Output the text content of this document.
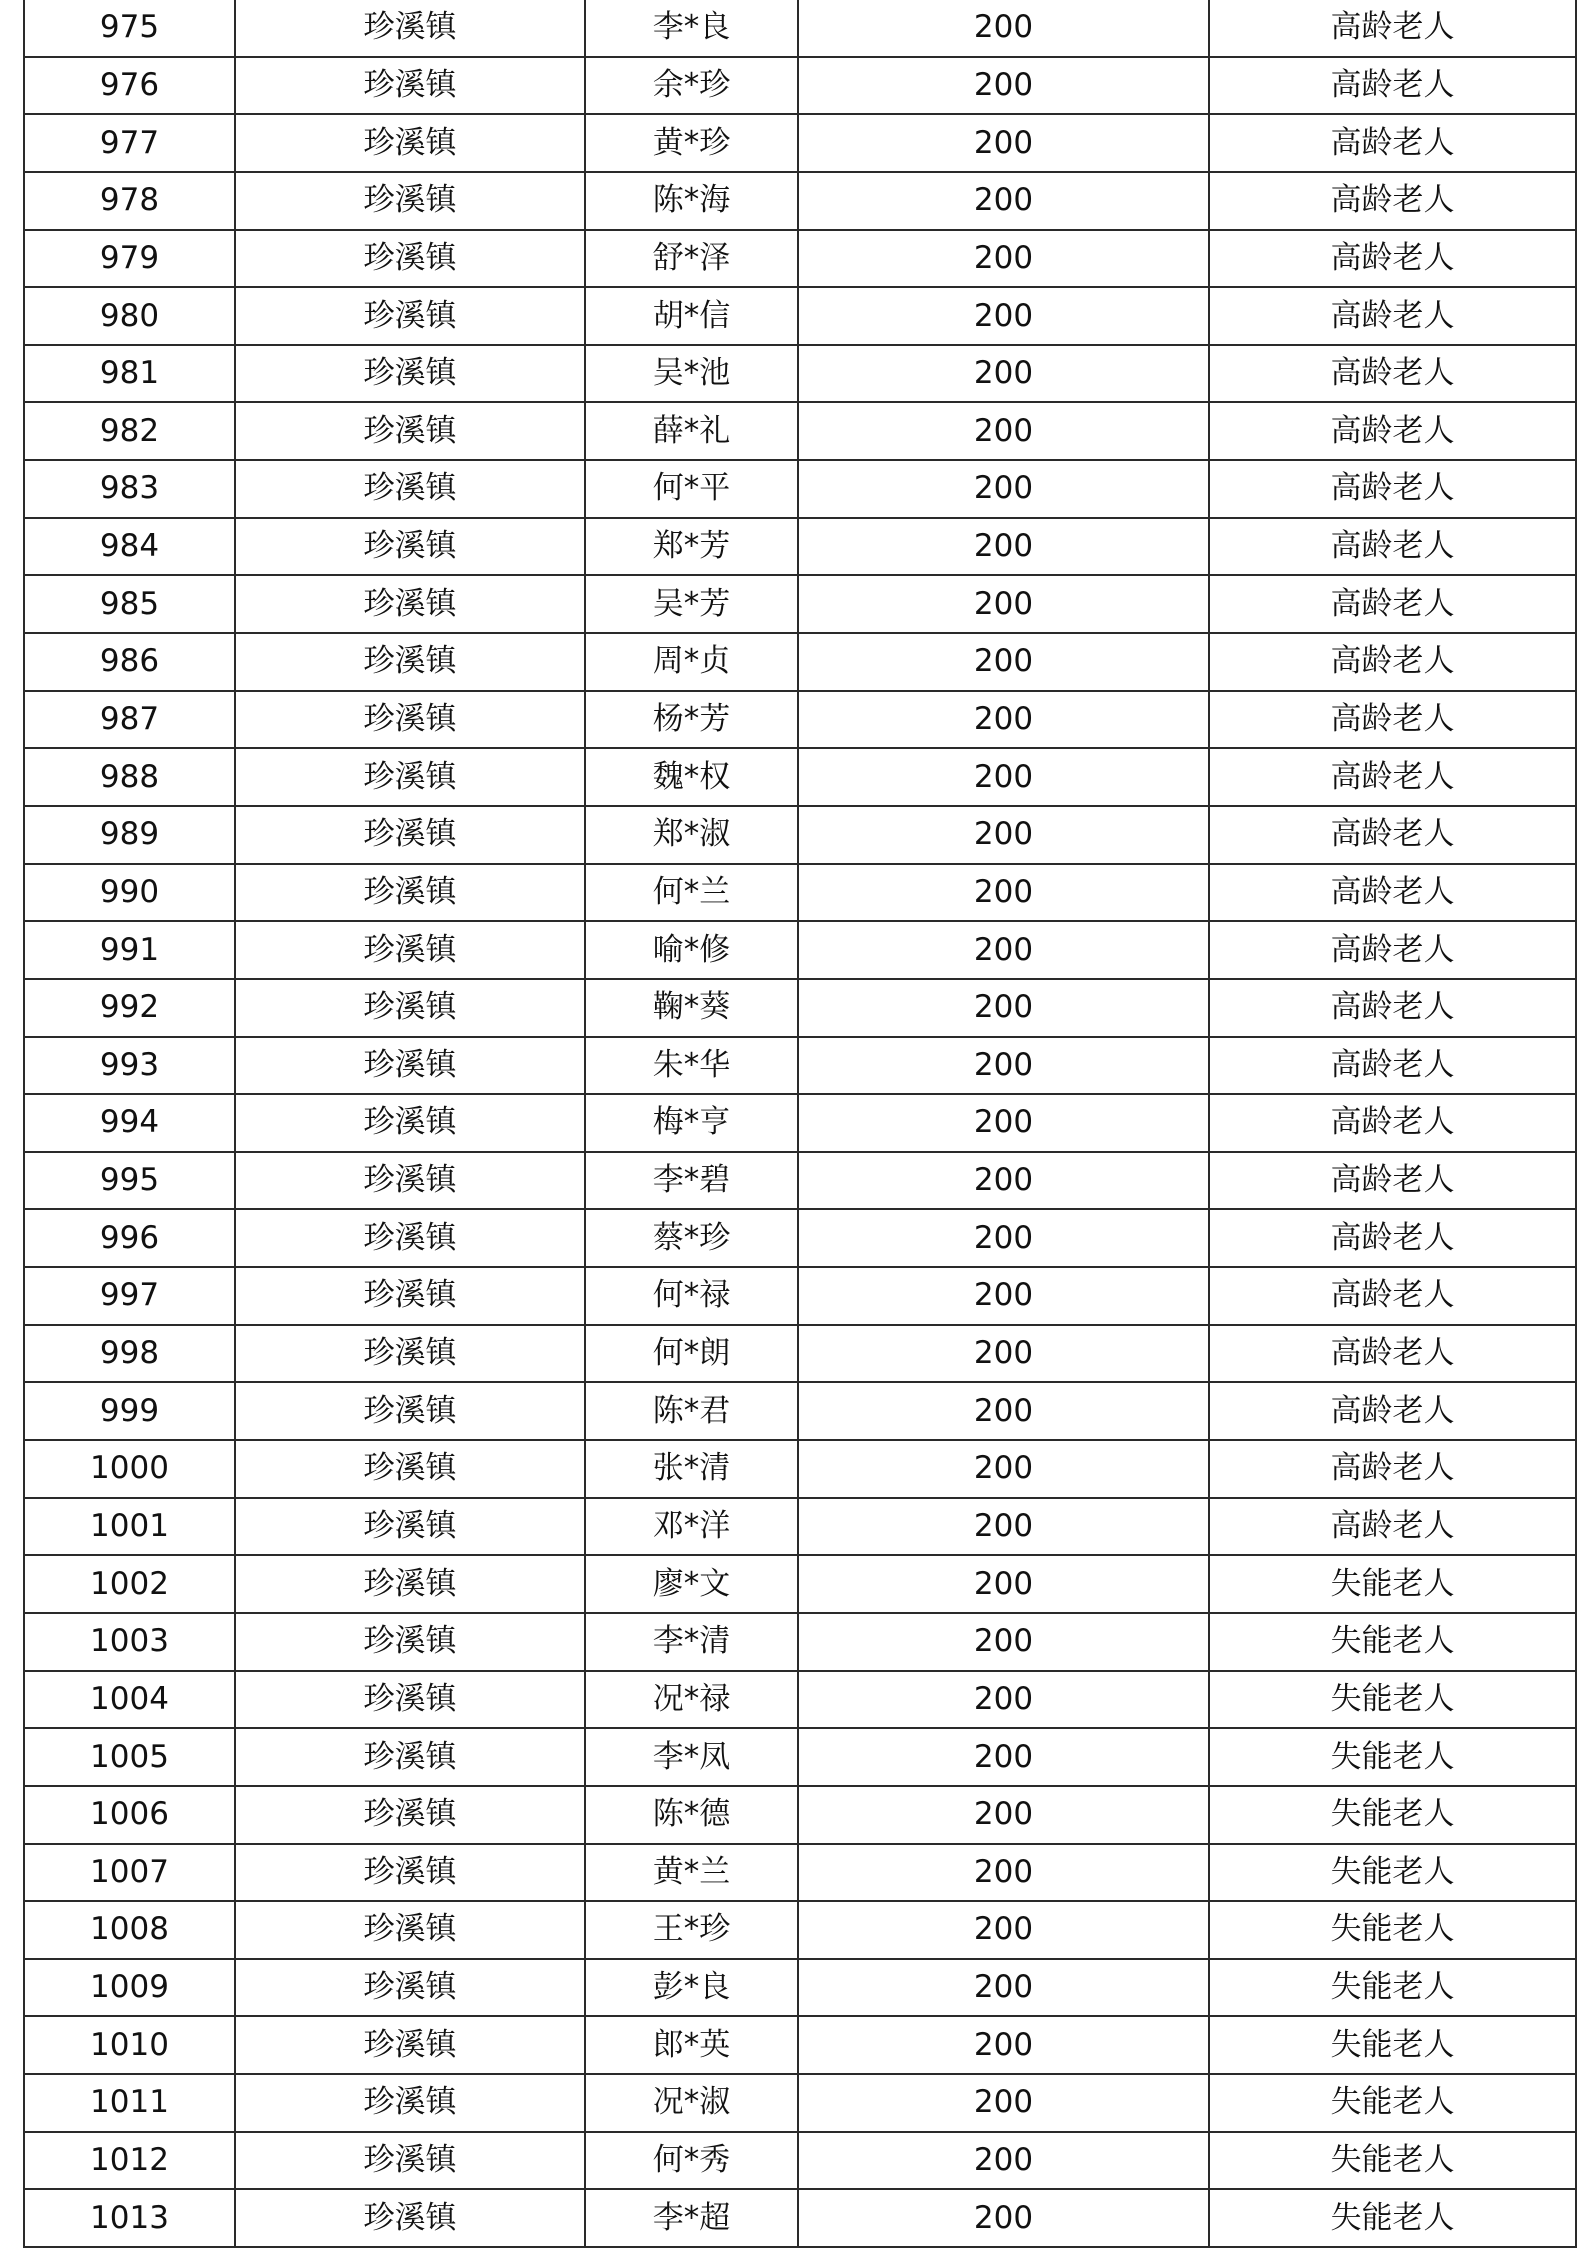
975	珍溪镇	李*良	200	高龄老人
976	珍溪镇	余*珍	200	高龄老人
977	珍溪镇	黄*珍	200	高龄老人
978	珍溪镇	陈*海	200	高龄老人
979	珍溪镇	舒*泽	200	高龄老人
980	珍溪镇	胡*信	200	高龄老人
981	珍溪镇	吴*池	200	高龄老人
982	珍溪镇	薛*礼	200	高龄老人
983	珍溪镇	何*平	200	高龄老人
984	珍溪镇	郑*芳	200	高龄老人
985	珍溪镇	吴*芳	200	高龄老人
986	珍溪镇	周*贞	200	高龄老人
987	珍溪镇	杨*芳	200	高龄老人
988	珍溪镇	魏*权	200	高龄老人
989	珍溪镇	郑*淑	200	高龄老人
990	珍溪镇	何*兰	200	高龄老人
991	珍溪镇	喻*修	200	高龄老人
992	珍溪镇	鞠*葵	200	高龄老人
993	珍溪镇	朱*华	200	高龄老人
994	珍溪镇	梅*亨	200	高龄老人
995	珍溪镇	李*碧	200	高龄老人
996	珍溪镇	蔡*珍	200	高龄老人
997	珍溪镇	何*禄	200	高龄老人
998	珍溪镇	何*朗	200	高龄老人
999	珍溪镇	陈*君	200	高龄老人
1000	珍溪镇	张*清	200	高龄老人
1001	珍溪镇	邓*洋	200	高龄老人
1002	珍溪镇	廖*文	200	失能老人
1003	珍溪镇	李*清	200	失能老人
1004	珍溪镇	况*禄	200	失能老人
1005	珍溪镇	李*凤	200	失能老人
1006	珍溪镇	陈*德	200	失能老人
1007	珍溪镇	黄*兰	200	失能老人
1008	珍溪镇	王*珍	200	失能老人
1009	珍溪镇	彭*良	200	失能老人
1010	珍溪镇	郎*英	200	失能老人
1011	珍溪镇	况*淑	200	失能老人
1012	珍溪镇	何*秀	200	失能老人
1013	珍溪镇	李*超	200	失能老人
